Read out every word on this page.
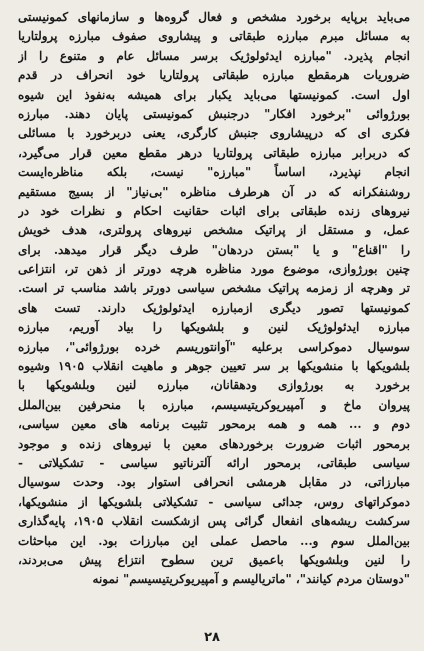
می‌باید برپایه برخورد مشخص و فعال گروه‌ها و سازمانهای کمونیستی
به مسائل مبرم مبارزه طبقاتی و پیشاروی صفوف مبارزه پرولتاریا
انجام پذیرد. "مبارزه ایدئولوژیک برسر مسائل عام و متنوع را از
ضروریات هرمقطع مبارزه طبقاتی پرولتاریا خود انحراف در قدم
اول است. کمونیستها می‌باید یکبار برای همیشه به‌نفوذ این شیوه
بورژوائی "برخورد افکار" درجنبش کمونیستی پایان دهند. مبارزه
فکری ای که درپیشاروی جنبش کارگری، یعنی دربرخورد با مسائلی
که دربرابر مبارزه طبقاتی پرولتاریا درهر مقطع معین قرار می‌گیرد،
انجام نپذیرد، اساساً "مبارزه" نیست، بلکه مناظره‌ایست
روشنفکرانه که در آن هرطرف مناظره "بی‌نیاز" از بسیج مستقیم
نیروهای زنده طبقاتی برای اثبات حقانیت احکام و نظرات خود در
عمل، و مستقل از پراتیک مشخص نیروهای پرولتری، هدف خویش
را "اقناع" و یا "بستن دردهان" طرف دیگر قرار میدهد. برای
چنین بورژوازی، موضوع مورد مناظره هرچه دورتر از ذهن تر، انتزاعی
تر وهرچه از زمزمه پراتیک مشخص سیاسی دورتر باشد مناسب تر است.
کمونیستها تصور دیگری ازمبارزه ایدئولوژیک دارند. تست های
مبارزه ایدئولوژیک لنین و بلشویکها را بیاد آوریم، مبارزه
سوسیال دموکراسی برعلیه "آوانتوریسم خرده بورژوائی"، مبارزه
بلشویکها با منشویکها بر سر تعیین جوهر و ماهیت انقلاب ۱۹۰۵ وشیوه
برخورد به بورژوازی ودهقانان، مبارزه لنین وبلشویکها با
پیروان ماخ و آمپیریوکریتیسیسم، مبارزه با منحرفین بین‌الملل
دوم و ... همه و همه برمحور تثبیت برنامه های معین سیاسی،
برمحور اثبات ضرورت برخوردهای معین با نیروهای زنده و موجود
سیاسی طبقاتی، برمحور ارائه آلترناتیو سیاسی - تشکیلاتی -
مبارزاتی، در مقابل هرمشی انحرافی استوار بود. وحدت سوسیال
دموکراتهای روس، جدائی سیاسی - تشکیلاتی بلشویکها از منشویکها،
سرکشت ریشه‌های انفعال گرائی پس ازشکست انقلاب ۱۹۰۵، پایه‌گذاری
بین‌الملل سوم و... ماحصل عملی این مبارزات بود. این مباحثات
را لنین وبلشویکها باعمیق ترین سطوح انتزاع پیش می‌بردند،
"دوستان مردم کیانند"، "ماتریالیسم و آمپیریوکریتیسیسم" نمونه
۲۸
